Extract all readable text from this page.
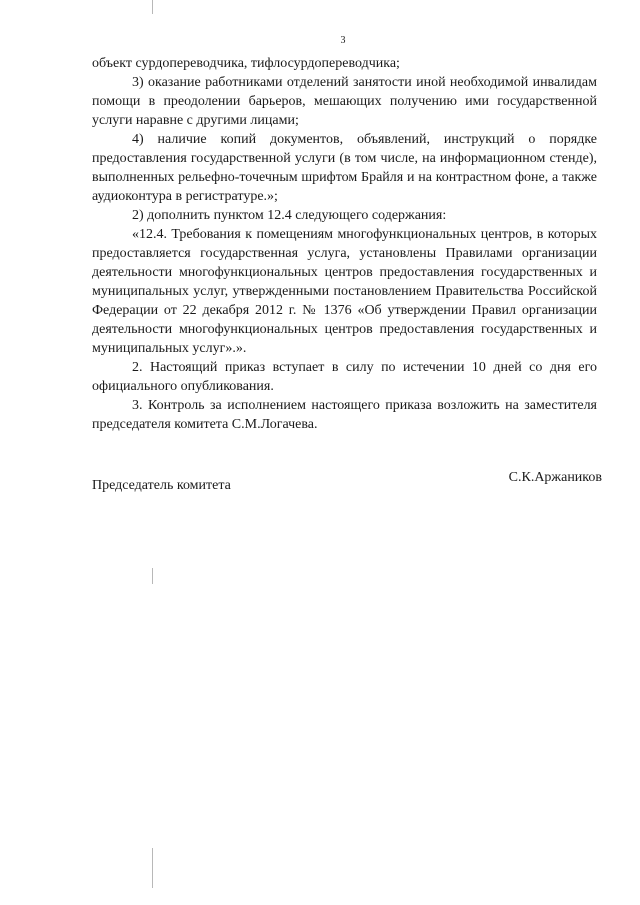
3

объект сурдопереводчика, тифлосурдопереводчика;

3) оказание работниками отделений занятости иной необходимой инвалидам помощи в преодолении барьеров, мешающих получению ими государственной услуги наравне с другими лицами;

4) наличие копий документов, объявлений, инструкций о порядке предоставления государственной услуги (в том числе, на информационном стенде), выполненных рельефно-точечным шрифтом Брайля и на контрастном фоне, а также аудиоконтура в регистратуре.»;

2) дополнить пунктом 12.4 следующего содержания:

«12.4. Требования к помещениям многофункциональных центров, в которых предоставляется государственная услуга, установлены Правилами организации деятельности многофункциональных центров предоставления государственных и муниципальных услуг, утвержденными постановлением Правительства Российской Федерации от 22 декабря 2012 г. № 1376 «Об утверждении Правил организации деятельности многофункциональных центров предоставления государственных и муниципальных услуг».».

2. Настоящий приказ вступает в силу по истечении 10 дней со дня его официального опубликования.

3. Контроль за исполнением настоящего приказа возложить на заместителя председателя комитета С.М.Логачева.

Председатель комитета
С.К.Аржаников
